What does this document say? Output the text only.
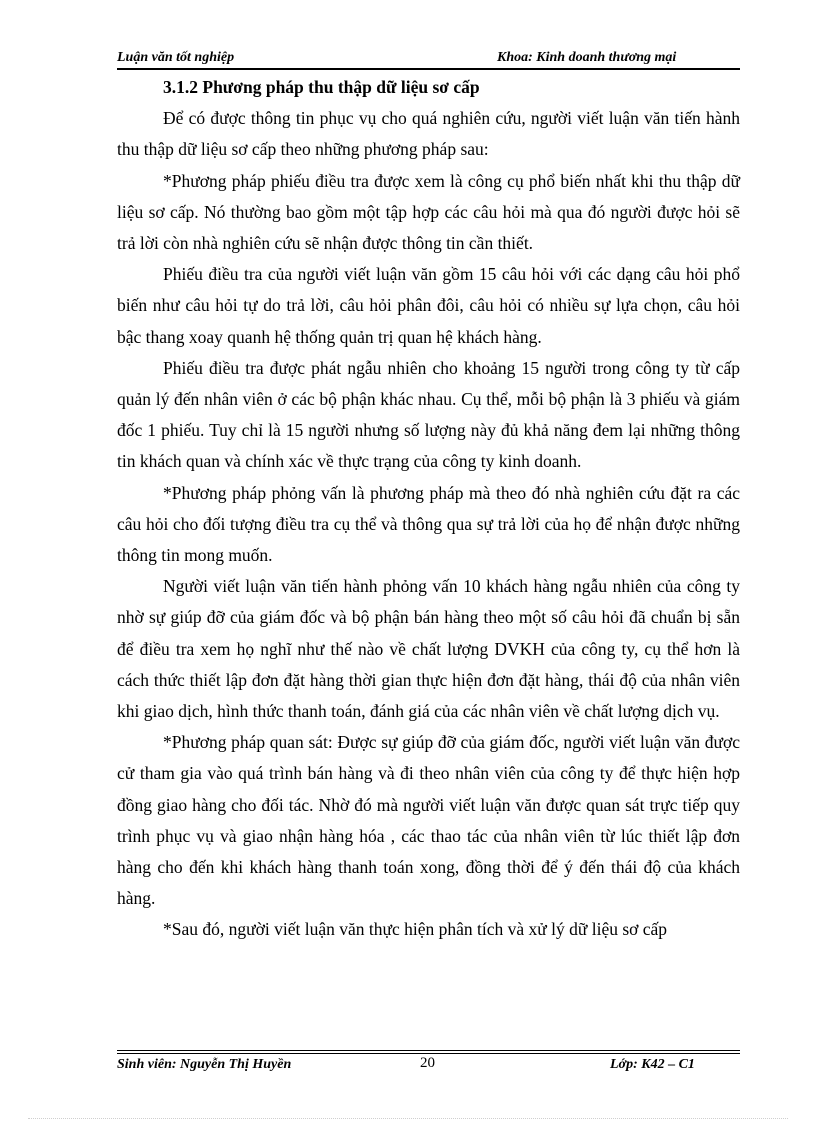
Luận văn tốt nghiệp	Khoa: Kinh doanh thương mại

3.1.2 Phương pháp thu thập dữ liệu sơ cấp

Để có được thông tin phục vụ cho quá nghiên cứu, người viết luận văn tiến hành thu thập dữ liệu sơ cấp theo những phương pháp sau:

*Phương pháp phiếu điều tra được xem là công cụ phổ biến nhất khi thu thập dữ liệu sơ cấp. Nó thường bao gồm một tập hợp các câu hỏi mà qua đó người được hỏi sẽ trả lời còn nhà nghiên cứu sẽ nhận được thông tin cần thiết.

Phiếu điều tra của người viết luận văn gồm 15 câu hỏi với các dạng câu hỏi phổ biến như câu hỏi tự do trả lời, câu hỏi phân đôi, câu hỏi có nhiều sự lựa chọn, câu hỏi bậc thang xoay quanh hệ thống quản trị quan hệ khách hàng.

Phiếu điều tra được phát ngẫu nhiên cho khoảng 15 người trong công ty từ cấp quản lý đến nhân viên ở các bộ phận khác nhau. Cụ thể, mỗi bộ phận là 3 phiếu và giám đốc 1 phiếu. Tuy chỉ là 15 người nhưng số lượng này đủ khả năng đem lại những thông tin khách quan và chính xác về thực trạng của công ty kinh doanh.

*Phương pháp phỏng vấn là phương pháp mà theo đó nhà nghiên cứu đặt ra các câu hỏi cho đối tượng điều tra cụ thể và thông qua sự trả lời của họ để nhận được những thông tin mong muốn.

Người viết luận văn tiến hành phỏng vấn 10 khách hàng ngẫu nhiên của công ty nhờ sự giúp đỡ của giám đốc và bộ phận bán hàng theo một số câu hỏi đã chuẩn bị sẵn để điều tra xem họ nghĩ như thế nào về chất lượng DVKH của công ty, cụ thể hơn là cách thức thiết lập đơn đặt hàng thời gian thực hiện đơn đặt hàng, thái độ của nhân viên khi giao dịch, hình thức thanh toán, đánh giá của các nhân viên về chất lượng dịch vụ.

*Phương pháp quan sát: Được sự giúp đỡ của giám đốc, người viết luận văn được cử tham gia vào quá trình bán hàng và đi theo nhân viên của công ty để thực hiện hợp đồng giao hàng cho đối tác. Nhờ đó mà người viết luận văn được quan sát trực tiếp quy trình phục vụ và giao nhận hàng hóa , các thao tác của nhân viên từ lúc thiết lập đơn hàng cho đến khi khách hàng thanh toán xong, đồng thời để ý đến thái độ của khách hàng.

*Sau đó, người viết luận văn thực hiện phân tích và xử lý dữ liệu sơ cấp

Sinh viên: Nguyễn Thị Huyền	20	Lớp: K42 – C1
